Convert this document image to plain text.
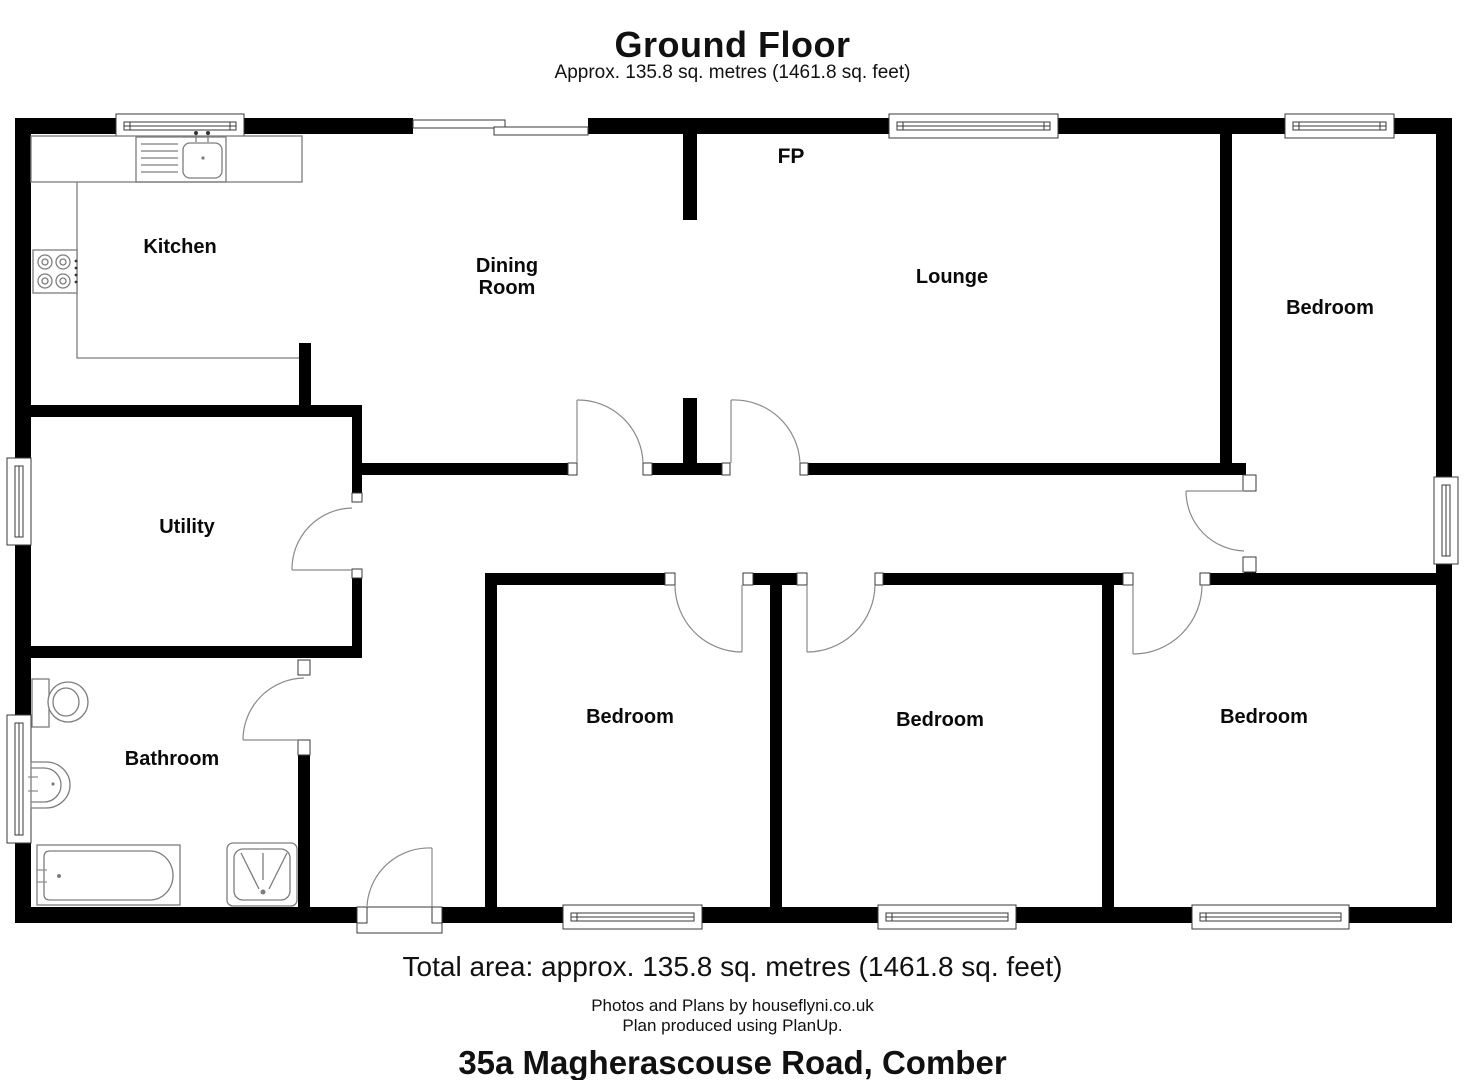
Ground Floor
Approx. 135.8 sq. metres (1461.8 sq. feet)
Kitchen
Dining
Room	Lounge
FP
Bedroom
Utility
Bathroom
Bedroom	Bedroom	Bedroom
Total area: approx. 135.8 sq. metres (1461.8 sq. feet)
Photos and Plans by houseflyni.co.uk
Plan produced using PlanUp.
35a Magherascouse Road, Comber
